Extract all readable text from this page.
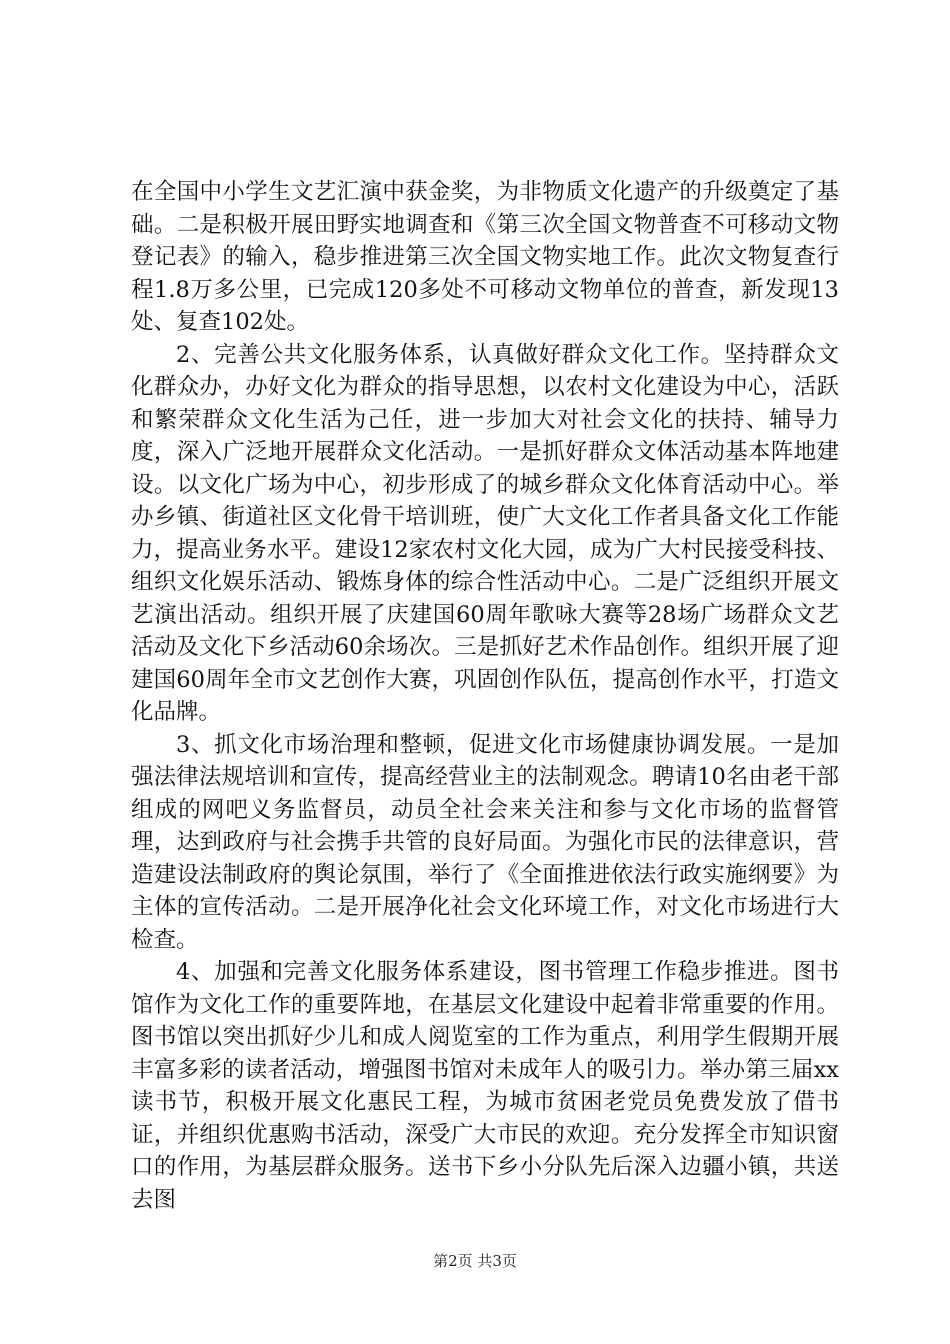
在全国中小学生文艺汇演中获金奖，为非物质文化遗产的升级奠定了基础。二是积极开展田野实地调查和《第三次全国文物普查不可移动文物登记表》的输入，稳步推进第三次全国文物实地工作。此次文物复查行程1.8万多公里，已完成120多处不可移动文物单位的普查，新发现13处、复查102处。

2、完善公共文化服务体系，认真做好群众文化工作。坚持群众文化群众办，办好文化为群众的指导思想，以农村文化建设为中心，活跃和繁荣群众文化生活为己任，进一步加大对社会文化的扶持、辅导力度，深入广泛地开展群众文化活动。一是抓好群众文体活动基本阵地建设。以文化广场为中心，初步形成了的城乡群众文化体育活动中心。举办乡镇、街道社区文化骨干培训班，使广大文化工作者具备文化工作能力，提高业务水平。建设12家农村文化大园，成为广大村民接受科技、组织文化娱乐活动、锻炼身体的综合性活动中心。二是广泛组织开展文艺演出活动。组织开展了庆建国60周年歌咏大赛等28场广场群众文艺活动及文化下乡活动60余场次。三是抓好艺术作品创作。组织开展了迎建国60周年全市文艺创作大赛，巩固创作队伍，提高创作水平，打造文化品牌。

3、抓文化市场治理和整顿，促进文化市场健康协调发展。一是加强法律法规培训和宣传，提高经营业主的法制观念。聘请10名由老干部组成的网吧义务监督员，动员全社会来关注和参与文化市场的监督管理，达到政府与社会携手共管的良好局面。为强化市民的法律意识，营造建设法制政府的舆论氛围，举行了《全面推进依法行政实施纲要》为主体的宣传活动。二是开展净化社会文化环境工作，对文化市场进行大检查。

4、加强和完善文化服务体系建设，图书管理工作稳步推进。图书馆作为文化工作的重要阵地，在基层文化建设中起着非常重要的作用。图书馆以突出抓好少儿和成人阅览室的工作为重点，利用学生假期开展丰富多彩的读者活动，增强图书馆对未成年人的吸引力。举办第三届xx读书节，积极开展文化惠民工程，为城市贫困老党员免费发放了借书证，并组织优惠购书活动，深受广大市民的欢迎。充分发挥全市知识窗口的作用，为基层群众服务。送书下乡小分队先后深入边疆小镇，共送去图

第2页 共3页
